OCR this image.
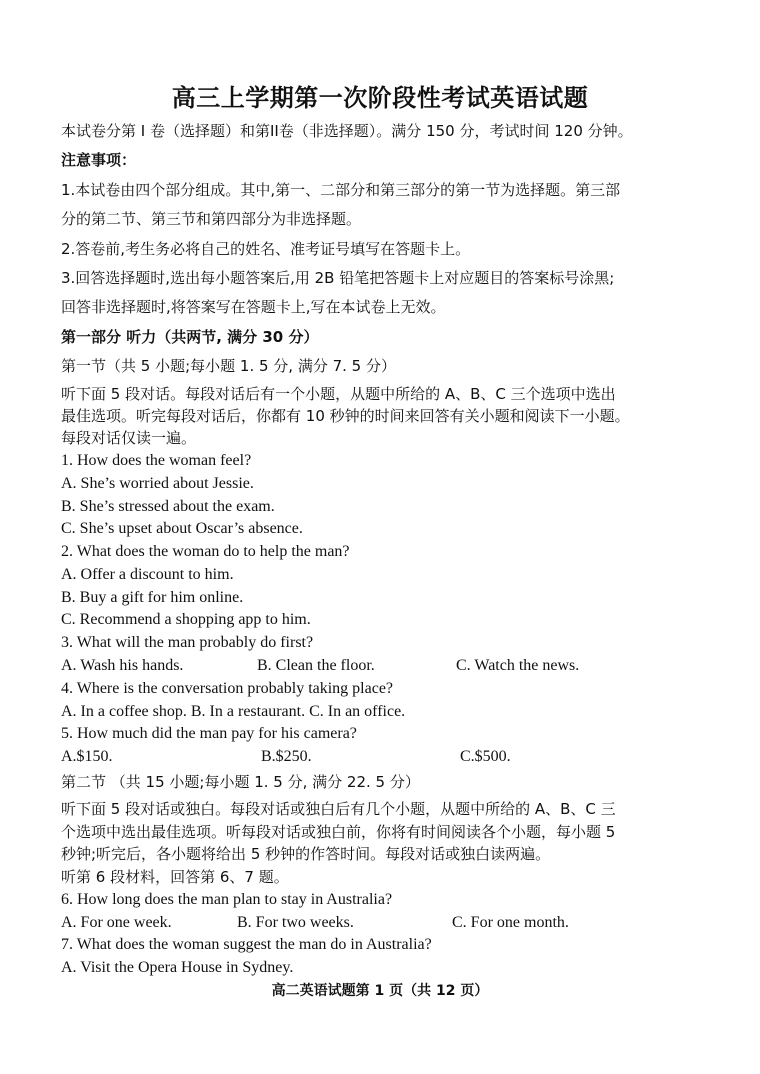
高三上学期第一次阶段性考试英语试题
本试卷分第 I 卷（选择题）和第II卷（非选择题）。满分 150 分，考试时间 120 分钟。
注意事项：
1.本试卷由四个部分组成。其中,第一、二部分和第三部分的第一节为选择题。第三部
分的第二节、第三节和第四部分为非选择题。
2.答卷前,考生务必将自己的姓名、准考证号填写在答题卡上。
3.回答选择题时,选出每小题答案后,用 2B 铅笔把答题卡上对应题目的答案标号涂黑;
回答非选择题时,将答案写在答题卡上,写在本试卷上无效。
第一部分 听力（共两节, 满分 30 分）
第一节（共 5 小题;每小题 1. 5 分, 满分 7. 5 分）
听下面 5 段对话。每段对话后有一个小题，从题中所给的 A、B、C 三个选项中选出
最佳选项。听完每段对话后，你都有 10 秒钟的时间来回答有关小题和阅读下一小题。
每段对话仅读一遍。
1. How does the woman feel?
A. She’s worried about Jessie.
B. She’s stressed about the exam.
C. She’s upset about Oscar’s absence.
2. What does the woman do to help the man?
A. Offer a discount to him.
B. Buy a gift for him online.
C. Recommend a shopping app to him.
3. What will the man probably do first?
A. Wash his hands.	B. Clean the floor.	C. Watch the news.
4. Where is the conversation probably taking place?
A. In a coffee shop. B. In a restaurant. C. In an office.
5. How much did the man pay for his camera?
A.$150.	B.$250.	C.$500.
第二节 （共 15 小题;每小题 1. 5 分, 满分 22. 5 分）
听下面 5 段对话或独白。每段对话或独白后有几个小题，从题中所给的 A、B、C 三
个选项中选出最佳选项。听每段对话或独白前，你将有时间阅读各个小题，每小题 5
秒钟;听完后，各小题将给出 5 秒钟的作答时间。每段对话或独白读两遍。
听第 6 段材料，回答第 6、7 题。
6. How long does the man plan to stay in Australia?
A. For one week.	B. For two weeks.	C. For one month.
7. What does the woman suggest the man do in Australia?
A. Visit the Opera House in Sydney.
高二英语试题第 1 页（共 12 页）
